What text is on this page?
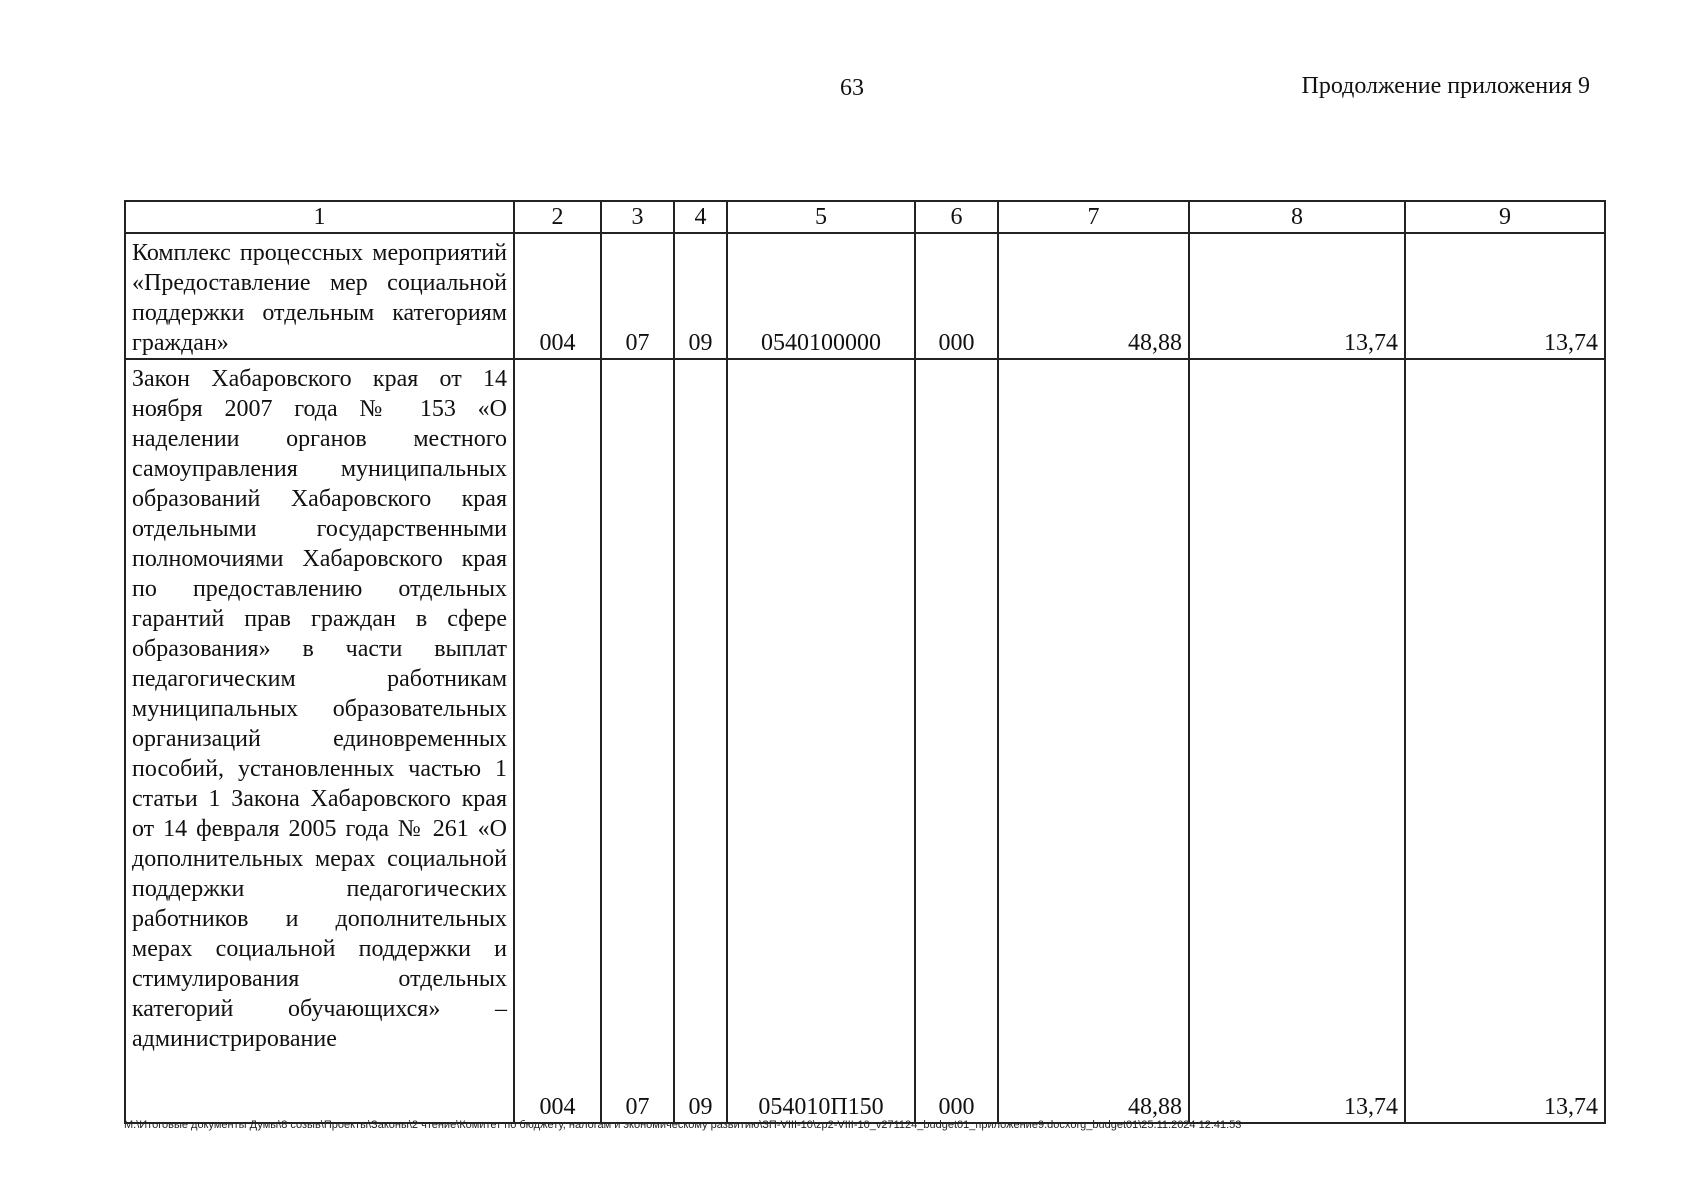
63	Продолжение приложения 9
1	2	3	4	5	6	7	8	9

Комплекс процессных мероприятий «Предоставление мер социальной поддержки отдельным категориям граждан»	004	07	09	0540100000	000	48,88	13,74	13,74

Закон Хабаровского края от 14 ноября 2007 года № 153 «О наделении органов местного самоуправления муниципальных образований Хабаровского края отдельными государственными полномочиями Хабаровского края по предоставлению отдельных гарантий прав граждан в сфере образования» в части выплат педагогическим работникам муниципальных образовательных организаций единовременных пособий, установленных частью 1 статьи 1 Закона Хабаровского края от 14 февраля 2005 года № 261 «О дополнительных мерах социальной поддержки педагогических работников и дополнительных мерах социальной поддержки и стимулирования отдельных категорий обучающихся» – администрирование	004	07	09	054010П150	000	48,88	13,74	13,74
M:\Итоговые документы Думы\8 созыв\Проекты\Законы\2 чтение\Комитет по бюджету, налогам и экономическому развитию\ЗП-VIII-10\zp2-VIII-10_v271124_budget01_приложение9.docxorg_budget01\25.11.2024 12:41:53
